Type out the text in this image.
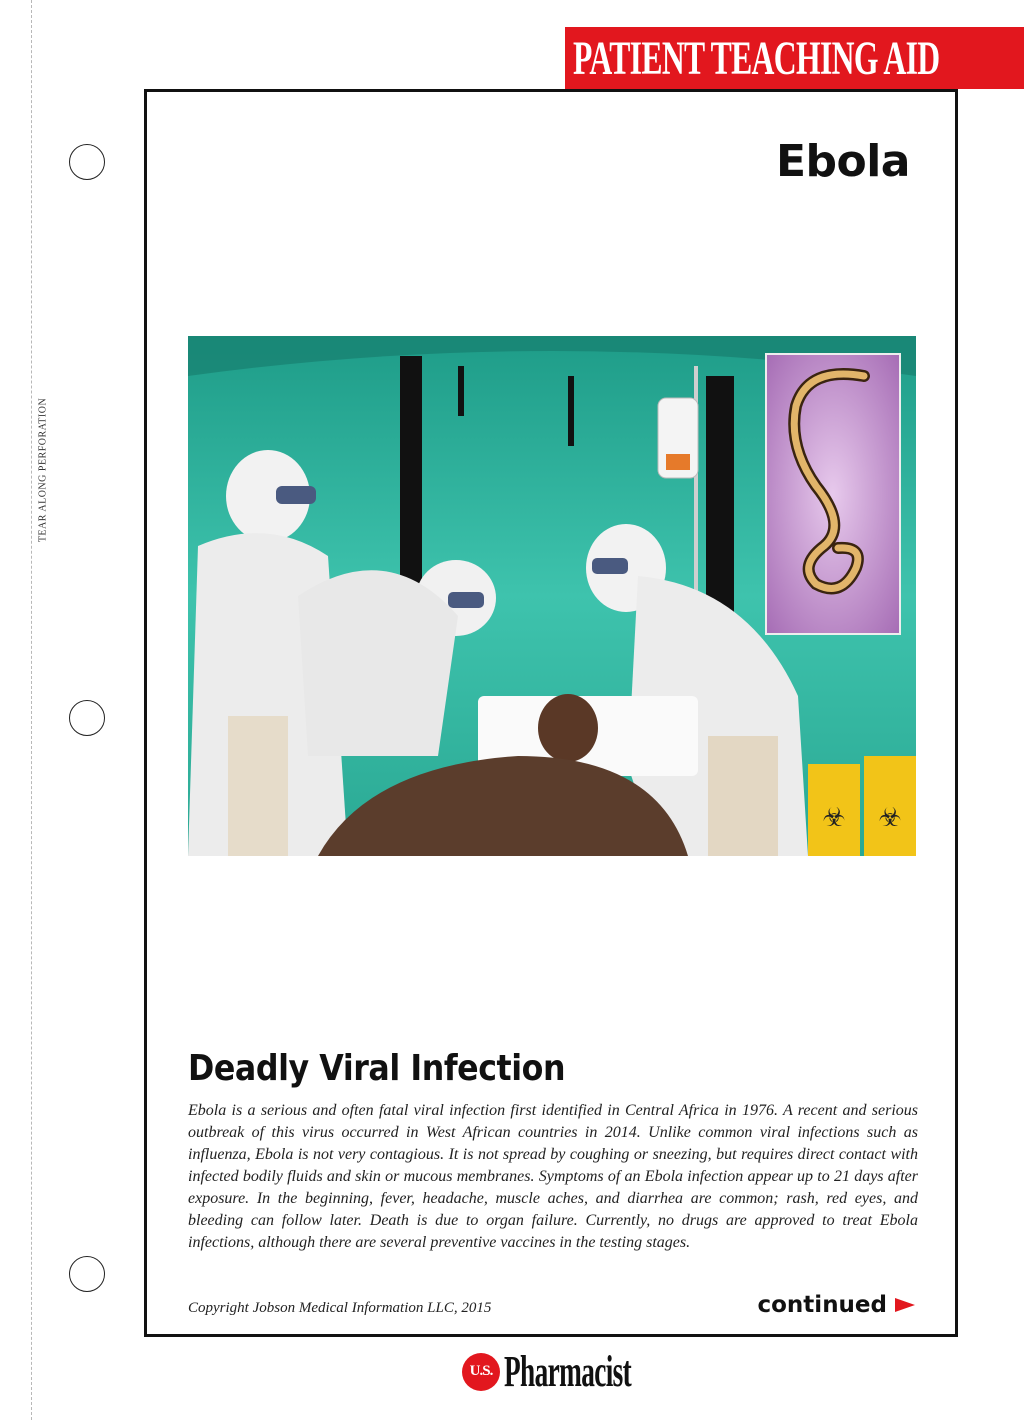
TEAR ALONG PERFORATION
PATIENT TEACHING AID
Ebola
☣ ☣
Deadly Viral Infection

Ebola is a serious and often fatal viral infection first identified in Central Africa in 1976. A recent and serious outbreak of this virus occurred in West African countries in 2014. Unlike common viral infections such as influenza, Ebola is not very contagious. It is not spread by coughing or sneezing, but requires direct contact with infected bodily fluids and skin or mucous membranes. Symptoms of an Ebola infection appear up to 21 days after exposure. In the beginning, fever, headache, muscle aches, and diarrhea are common; rash, red eyes, and bleeding can follow later. Death is due to organ failure. Currently, no drugs are approved to treat Ebola infections, although there are several preventive vaccines in the testing stages.

Copyright Jobson Medical Information LLC, 2015	continued
U.S. Pharmacist
